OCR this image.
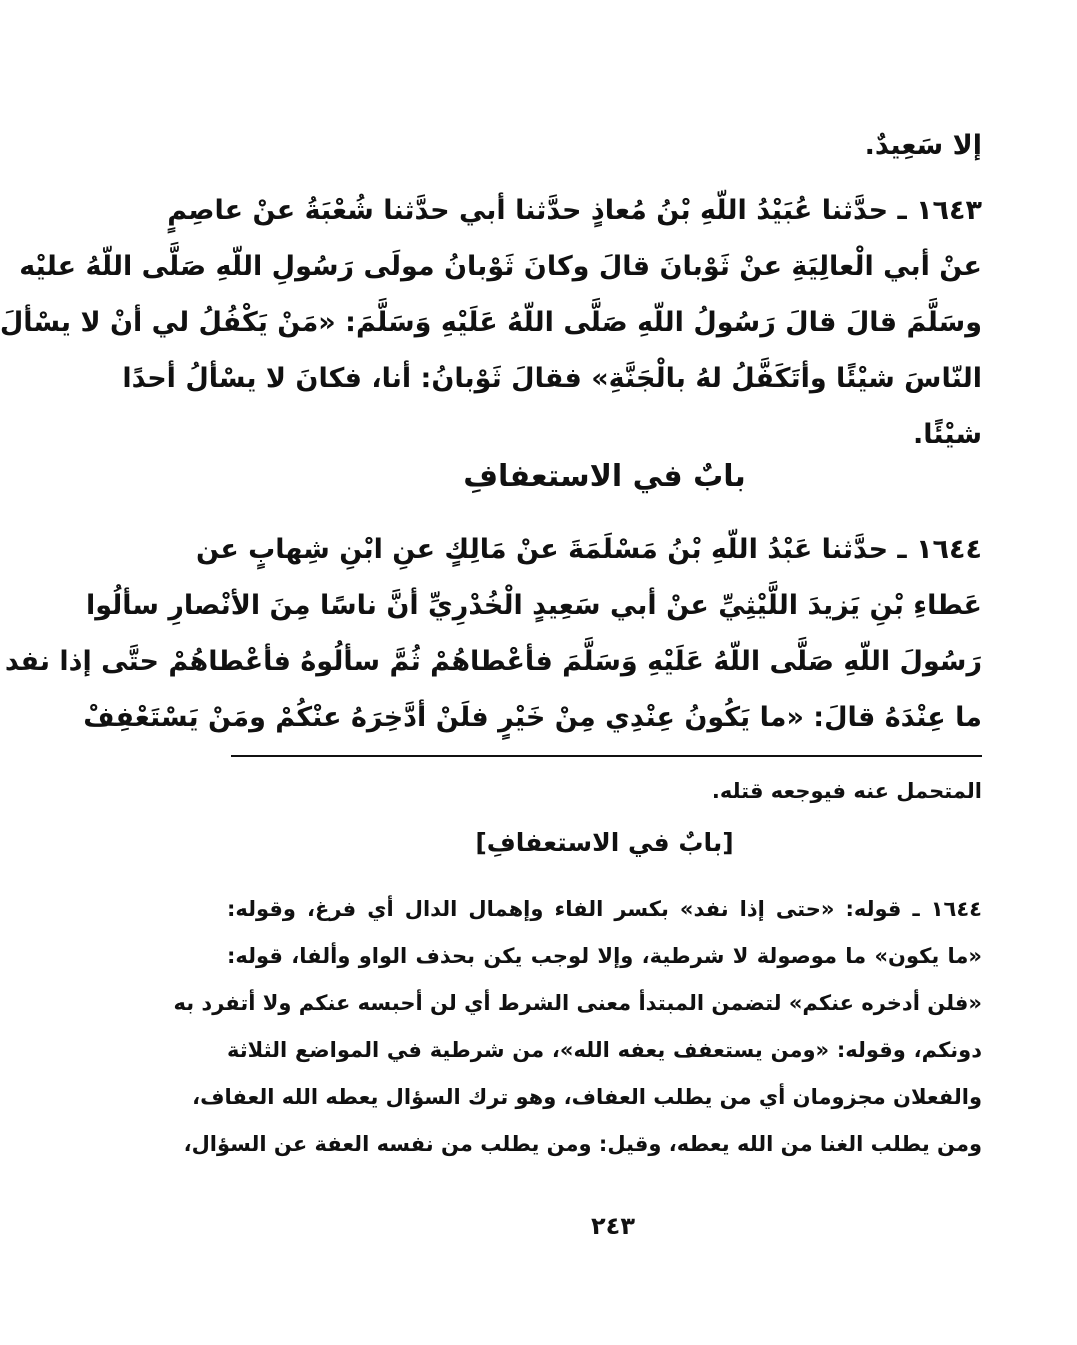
إلا سَعِيدٌ.
١٦٤٣ ـ حدَّثنا عُبَيْدُ اللّهِ بْنُ مُعاذٍ حدَّثنا أبي حدَّثنا شُعْبَةُ عنْ عاصِمٍ
عنْ أبي الْعالِيَةِ عنْ ثَوْبانَ قالَ وكانَ ثَوْبانُ مولَى رَسُولِ اللّهِ صَلَّى اللّهُ عليْه
وسَلَّمَ قالَ قالَ رَسُولُ اللّهِ صَلَّى اللّهُ عَلَيْهِ وَسَلَّمَ: «مَنْ يَكْفُلُ لي أنْ لا يسْألَ
النّاسَ شيْئًا وأتَكَفَّلُ لهُ بالْجَنَّةِ» فقالَ ثَوْبانُ: أنا، فكانَ لا يسْألُ أحدًا
شيْئًا.
بابٌ في الاستعفافِ
١٦٤٤ ـ حدَّثنا عَبْدُ اللّهِ بْنُ مَسْلَمَةَ عنْ مَالِكٍ عنِ ابْنِ شِهابٍ عن
عَطاءِ بْنِ يَزيدَ اللَّيْثِيِّ عنْ أبي سَعِيدٍ الْخُدْرِيِّ أنَّ ناسًا مِنَ الأنْصارِ سألُوا
رَسُولَ اللّهِ صَلَّى اللّهُ عَلَيْهِ وَسَلَّمَ فأعْطاهُمْ ثُمَّ سألُوهُ فأعْطاهُمْ حتَّى إذا نفد
ما عِنْدَهُ قالَ: «ما يَكُونُ عِنْدِي مِنْ خَيْرٍ فلَنْ أدَّخِرَهُ عنْكُمْ ومَنْ يَسْتَعْفِفْ
المتحمل عنه فيوجعه قتله.
[بابٌ في الاستعفافِ]
١٦٤٤ ـ قوله: «حتى إذا نفد» بكسر الفاء وإهمال الدال أي فرغ، وقوله:
«ما يكون» ما موصولة لا شرطية، وإلا لوجب يكن بحذف الواو وألفا، قوله:
«فلن أدخره عنكم» لتضمن المبتدأ معنى الشرط أي لن أحبسه عنكم ولا أتفرد به
دونكم، وقوله: «ومن يستعفف يعفه الله»، من شرطية في المواضع الثلاثة
والفعلان مجزومان أي من يطلب العفاف، وهو ترك السؤال يعطه الله العفاف،
ومن يطلب الغنا من الله يعطه، وقيل: ومن يطلب من نفسه العفة عن السؤال،
٢٤٣
